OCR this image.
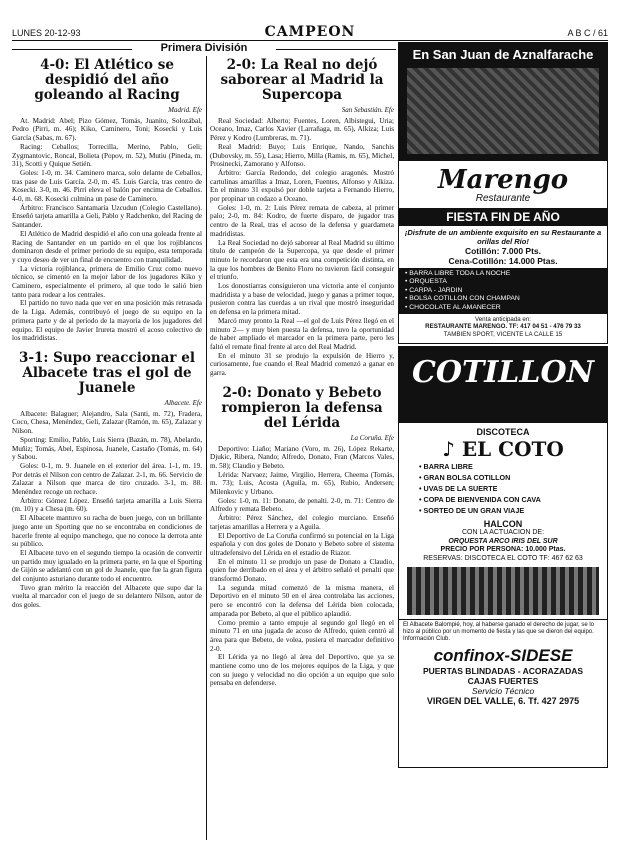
LUNES 20-12-93	CAMPEON	A B C / 61
Primera División
4-0: El Atlético se despidió del año goleando al Racing
Madrid. Efe

At. Madrid: Abel; Pizo Gómez, Tomás, Juanito, Solozábal, Pedro (Pirri, m. 46); Kiko, Caminero, Toni; Kosecki y Luis García (Sabas, m. 67).

Racing: Ceballos; Torrecilla, Merino, Pablo, Geli; Zygmantovic, Roncal, Bolieta (Popov, m. 52), Mutiu (Pineda, m. 31), Scotti y Quique Setién.

Goles: 1-0, m. 34. Caminero marca, solo delante de Ceballos, tras pase de Luis García. 2-0, m. 45. Luis García, tras centro de Kosecki. 3-0, m. 46. Pirri eleva el balón por encima de Ceballos. 4-0, m. 68. Kosecki culmina un pase de Caminero.

Árbitro: Francisco Santamaría Uzcudun (Colegio Castellano). Enseñó tarjeta amarilla a Geli, Pablo y Radchenko, del Racing de Santander.

El Atlético de Madrid despidió el año con una goleada frente al Racing de Santander en un partido en el que los rojiblancos dominaron desde el primer periodo de su equipo, esta temporada y cuyo deseo de ver un final de encuentro con tranquilidad.

La victoria rojiblanca, primera de Emilio Cruz como nuevo técnico, se cimentó en la mejor labor de los jugadores Kiko y Caminero, especialmente el primero, al que todo le salió bien tanto para rodear a los centrales.

El partido no tuvo nada que ver en una posición más retrasada de la Liga. Además, contribuyó el juego de su equipo en la primera parte y de al período de la mayoría de los jugadores del equipo. El equipo de Javier Irureta mostró el acoso colectivo de los madridistas.

3-1: Supo reaccionar el Albacete tras el gol de Juanele
Albacete. Efe

Albacete: Balaguer; Alejandro, Sala (Santi, m. 72), Fradera, Coco, Chesa, Menéndez, Geli, Zalazar (Ramón, m. 65), Zalazar y Nilson.

Sporting: Emilio, Pablo, Luis Sierra (Bazán, m. 78), Abelardo, Muñiz; Tomás, Abel, Espinosa, Juanele, Castaño (Tomás, m. 64) y Sabou.

Goles: 0-1, m. 9. Juanele en el exterior del área. 1-1, m. 19. Por detrás el Nilson con centro de Zalazar. 2-1, m. 66. Servicio de Zalazar a Nilson que marca de tiro cruzado. 3-1, m. 88. Menéndez recoge un rechace.

Árbitro: Gómez López. Enseñó tarjeta amarilla a Luis Sierra (m. 10) y a Chesa (m. 60).

El Albacete mantuvo su racha de buen juego, con un brillante juego ante un Sporting que no se encontraba en condiciones de hacerle frente al equipo manchego, que no conoce la derrota ante su público.

El Albacete tuvo en el segundo tiempo la ocasión de convertir un partido muy igualado en la primera parte, en la que el Sporting de Gijón se adelantó con un gol de Juanele, que fue la gran figura del conjunto asturiano durante todo el encuentro.

Tuvo gran mérito la reacción del Albacete que supo dar la vuelta al marcador con el juego de su delantero Nilson, autor de dos goles.

2-0: La Real no dejó saborear al Madrid la Supercopa
San Sebastián. Efe

Real Sociedad: Alberto; Fuentes, Loren, Albistegui, Uria; Oceano, Imaz, Carlos Xavier (Larrañaga, m. 65), Alkiza; Luis Pérez y Kodro (Lumbreras, m. 71).

Real Madrid: Buyo; Luis Enrique, Nando, Sanchis (Dubovsky, m. 55), Lasa; Hierro, Milla (Ramis, m. 65), Michel, Prosinecki, Zamorano y Alfonso.

Árbitro: García Redondo, del colegio aragonés. Mostró cartulinas amarillas a Imaz, Loren, Fuentes, Alfonso y Alkiza. En el minuto 31 expulsó por doble tarjeta a Fernando Hierro, por propinar un codazo a Oceano.

Goles: 1-0, m. 2: Luis Pérez remata de cabeza, al primer palo; 2-0, m. 84: Kodro, de fuerte disparo, de jugador tras centro de la Real, tras el acoso de la defensa y guardameta madridistas.

La Real Sociedad no dejó saborear al Real Madrid su último título de campeón de la Supercopa, ya que desde el primer minuto le recordaron que esta era una competición distinta, en la que los hombres de Benito Floro no tuvieron fácil conseguir el triunfo.

Los donostiarras consiguieron una victoria ante el conjunto madridista y a base de velocidad, juego y ganas a primer toque, pusieron contra las cuerdas a un rival que mostró inseguridad en defensa en la primera mitad.

Marcó muy pronto la Real —el gol de Luis Pérez llegó en el minuto 2— y muy bien puesta la defensa, tuvo la oportunidad de haber ampliado el marcador en la primera parte, pero les faltó el remate final frente al arco del Real Madrid.

En el minuto 31 se produjo la expulsión de Hierro y, curiosamente, fue cuando el Real Madrid comenzó a ganar en garra.

2-0: Donato y Bebeto rompieron la defensa del Lérida
La Coruña. Efe

Deportivo: Liaño; Mariano (Voro, m. 26), López Rekarte, Djukic, Ribera, Nando; Alfredo, Donato, Fran (Marcos Vales, m. 58); Claudio y Bebeto.

Lérida: Narvaez; Jaime, Virgilio, Herrera, Cheema (Tomás, m. 73); Luis, Acosta (Aguila, m. 65), Rubio, Andersen; Milenkovic y Urbano.

Goles: 1-0, m. 11: Donato, de penalti. 2-0, m. 71: Centro de Alfredo y remata Bebeto.

Árbitro: Pérez Sánchez, del colegio murciano. Enseñó tarjetas amarillas a Herrera y a Aguila.

El Deportivo de La Coruña confirmó su potencial en la Liga española y con dos goles de Donato y Bebeto sobre el sistema ultradefensivo del Lérida en el estadio de Riazor.

En el minuto 11 se produjo un pase de Donato a Claudio, quien fue derribado en el área y el árbitro señaló el penalti que transformó Donato.

La segunda mitad comenzó de la misma manera, el Deportivo en el minuto 50 en el área controlaba las acciones, pero se encontró con la defensa del Lérida bien colocada, amparada por Bebeto, al que el público aplaudió.

Como premio a tanto empuje al segundo gol llegó en el minuto 71 en una jugada de acoso de Alfredo, quien centró al área para que Bebeto, de volea, pusiera el marcador definitivo 2-0.

El Lérida ya no llegó al área del Deportivo, que ya se mantiene como uno de los mejores equipos de la Liga, y que con su juego y velocidad no dio opción a un equipo que solo pensaba en defenderse.

En San Juan de Aznalfarache
Marengo
Restaurante
FIESTA FIN DE AÑO
¡Disfrute de un ambiente exquisito en su Restaurante a orillas del Río!
Cotillón: 7.000 Pts.
Cena-Cotillón: 14.000 Ptas.
• BARRA LIBRE TODA LA NOCHE
• ORQUESTA
• CARPA - JARDIN
• BOLSA COTILLON CON CHAMPAN
• CHOCOLATE AL AMANECER
Venta anticipada en:
RESTAURANTE MARENGO. TF: 417 04 51 - 476 79 33
TAMBIEN SPORT, VICENTE LA CALLE 15
COTILLON
DISCOTECA
♪ EL COTO
• BARRA LIBRE
• GRAN BOLSA COTILLON
• UVAS DE LA SUERTE
• COPA DE BIENVENIDA CON CAVA
• SORTEO DE UN GRAN VIAJE
HALCON
CON LA ACTUACION DE:
ORQUESTA ARCO IRIS DEL SUR
PRECIO POR PERSONA: 10.000 Ptas.
RESERVAS: DISCOTECA EL COTO TF: 467 62 63
El Albacete Balompié, hoy, al haberse ganado el derecho de jugar, se lo hizo al público por un momento de fiesta y las que se dieron del equipo. Información Club.
confinox-SIDESE
PUERTAS BLINDADAS - ACORAZADAS
CAJAS FUERTES
Servicio Técnico
VIRGEN DEL VALLE, 6. Tf. 427 2975
